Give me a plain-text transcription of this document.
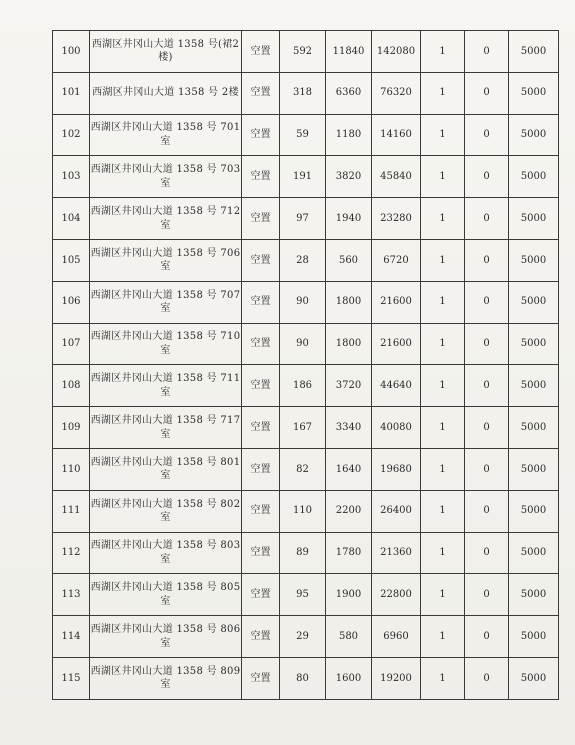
100	西湖区井冈山大道 1358 号(裙2楼)	空置	592	11840	142080	1	0	5000
101	西湖区井冈山大道 1358 号 2楼	空置	318	6360	76320	1	0	5000
102	西湖区井冈山大道 1358 号 701室	空置	59	1180	14160	1	0	5000
103	西湖区井冈山大道 1358 号 703室	空置	191	3820	45840	1	0	5000
104	西湖区井冈山大道 1358 号 712室	空置	97	1940	23280	1	0	5000
105	西湖区井冈山大道 1358 号 706室	空置	28	560	6720	1	0	5000
106	西湖区井冈山大道 1358 号 707室	空置	90	1800	21600	1	0	5000
107	西湖区井冈山大道 1358 号 710室	空置	90	1800	21600	1	0	5000
108	西湖区井冈山大道 1358 号 711室	空置	186	3720	44640	1	0	5000
109	西湖区井冈山大道 1358 号 717室	空置	167	3340	40080	1	0	5000
110	西湖区井冈山大道 1358 号 801室	空置	82	1640	19680	1	0	5000
111	西湖区井冈山大道 1358 号 802室	空置	110	2200	26400	1	0	5000
112	西湖区井冈山大道 1358 号 803室	空置	89	1780	21360	1	0	5000
113	西湖区井冈山大道 1358 号 805室	空置	95	1900	22800	1	0	5000
114	西湖区井冈山大道 1358 号 806室	空置	29	580	6960	1	0	5000
115	西湖区井冈山大道 1358 号 809室	空置	80	1600	19200	1	0	5000
